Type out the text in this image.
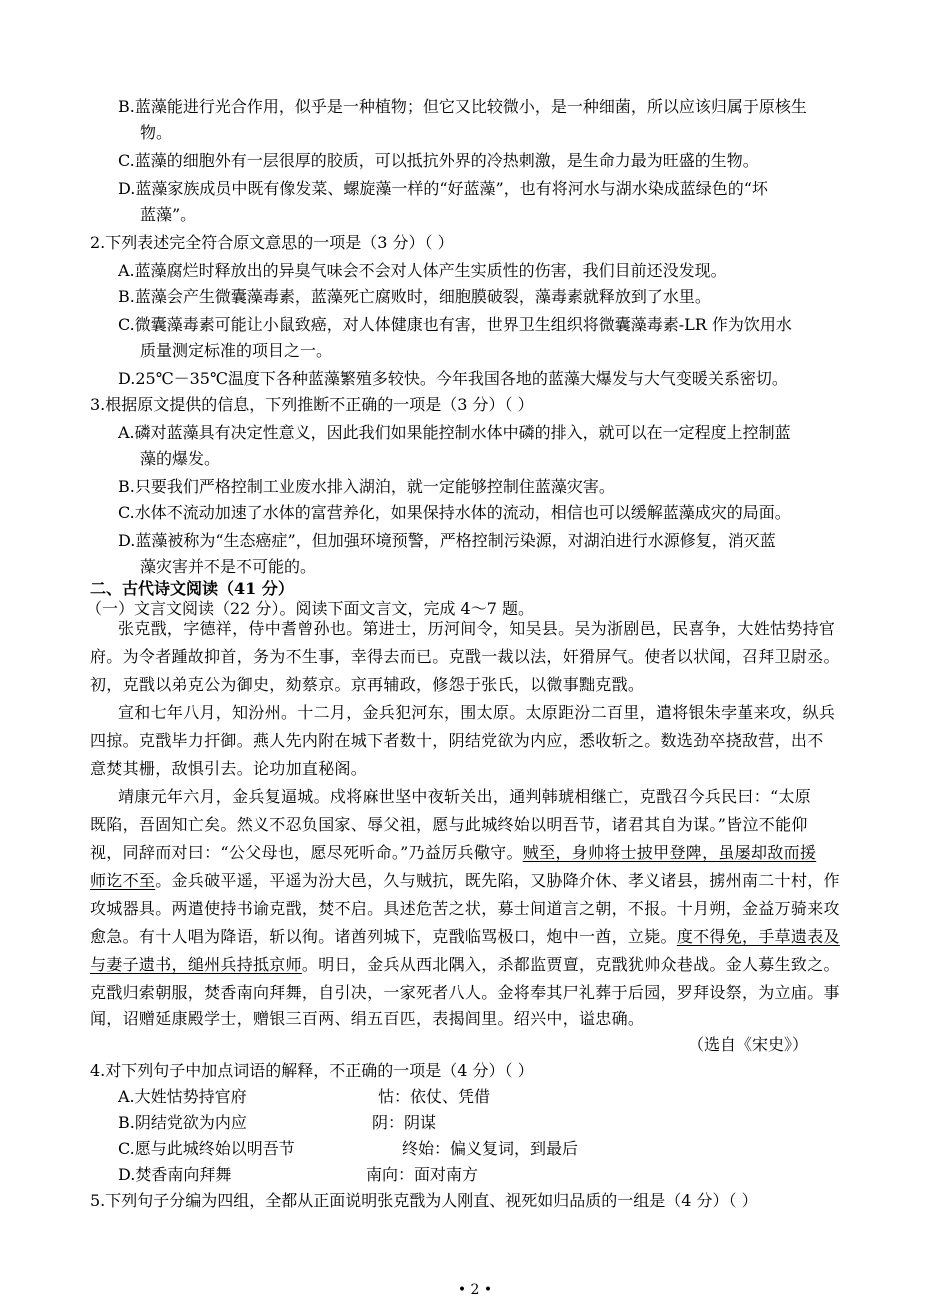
B.蓝藻能进行光合作用，似乎是一种植物；但它又比较微小，是一种细菌，所以应该归属于原核生
物。
C.蓝藻的细胞外有一层很厚的胶质，可以抵抗外界的冷热刺激，是生命力最为旺盛的生物。
D.蓝藻家族成员中既有像发菜、螺旋藻一样的“好蓝藻”，也有将河水与湖水染成蓝绿色的“坏
蓝藻”。
2.下列表述完全符合原文意思的一项是（3 分）（ ）
A.蓝藻腐烂时释放出的异臭气味会不会对人体产生实质性的伤害，我们目前还没发现。
B.蓝藻会产生微囊藻毒素，蓝藻死亡腐败时，细胞膜破裂，藻毒素就释放到了水里。
C.微囊藻毒素可能让小鼠致癌，对人体健康也有害，世界卫生组织将微囊藻毒素-LR 作为饮用水
质量测定标准的项目之一。
D.25℃－35℃温度下各种蓝藻繁殖多较快。今年我国各地的蓝藻大爆发与大气变暖关系密切。
3.根据原文提供的信息，下列推断不正确的一项是（3 分）（ ）
A.磷对蓝藻具有决定性意义，因此我们如果能控制水体中磷的排入，就可以在一定程度上控制蓝
藻的爆发。
B.只要我们严格控制工业废水排入湖泊，就一定能够控制住蓝藻灾害。
C.水体不流动加速了水体的富营养化，如果保持水体的流动，相信也可以缓解蓝藻成灾的局面。
D.蓝藻被称为“生态癌症”，但加强环境预警，严格控制污染源，对湖泊进行水源修复，消灭蓝
藻灾害并不是不可能的。
二、古代诗文阅读（41 分）
（一）文言文阅读（22 分）。阅读下面文言文，完成 4～7 题。
张克戬，字德祥，侍中耆曾孙也。第进士，历河间令，知吴县。吴为浙剧邑，民喜争，大姓怙势持官
府。为令者踵故抑首，务为不生事，幸得去而已。克戬一裁以法，奸猾屏气。使者以状闻，召拜卫尉丞。
初，克戬以弟克公为御史，劾蔡京。京再辅政，修怨于张氏，以微事黜克戬。
宣和七年八月，知汾州。十二月，金兵犯河东，围太原。太原距汾二百里，遣将银朱孛堇来攻，纵兵
四掠。克戬毕力扞御。燕人先内附在城下者数十，阴结党欲为内应，悉收斩之。数选劲卒挠敌营，出不
意焚其栅，敌惧引去。论功加直秘阁。
靖康元年六月，金兵复逼城。戍将麻世坚中夜斩关出，通判韩琥相继亡，克戬召今兵民曰：“太原
既陷，吾固知亡矣。然义不忍负国家、辱父祖，愿与此城终始以明吾节，诸君其自为谋。”皆泣不能仰
视，同辞而对曰：“公父母也，愿尽死听命。”乃益厉兵儆守。贼至，身帅将士披甲登陴，虽屡却敌而援
师讫不至。金兵破平遥，平遥为汾大邑，久与贼抗，既先陷，又胁降介休、孝义诸县，掳州南二十村，作
攻城器具。两遣使持书谕克戬，焚不启。具述危苦之状，募士间道言之朝，不报。十月朔，金益万骑来攻
愈急。有十人唱为降语，斩以徇。诸酋列城下，克戬临骂极口，炮中一酋，立毙。度不得免，手草遗表及
与妻子遗书，缒州兵持抵京师。明日，金兵从西北隅入，杀都监贾亶，克戬犹帅众巷战。金人募生致之。
克戬归索朝服，焚香南向拜舞，自引决，一家死者八人。金将奉其尸礼葬于后园，罗拜设祭，为立庙。事
闻，诏赠延康殿学士，赠银三百两、绢五百匹，表揭闾里。绍兴中，谥忠确。
（选自《宋史》）
4.对下列句子中加点词语的解释，不正确的一项是（4 分）（ ）
A.大姓怙势持官府	怙：依仗、凭借
B.阴结党欲为内应	阴：阴谋
C.愿与此城终始以明吾节	终始：偏义复词，到最后
D.焚香南向拜舞	南向：面对南方
5.下列句子分编为四组，全都从正面说明张克戬为人刚直、视死如归品质的一组是（4 分）（ ）
• 2 •
